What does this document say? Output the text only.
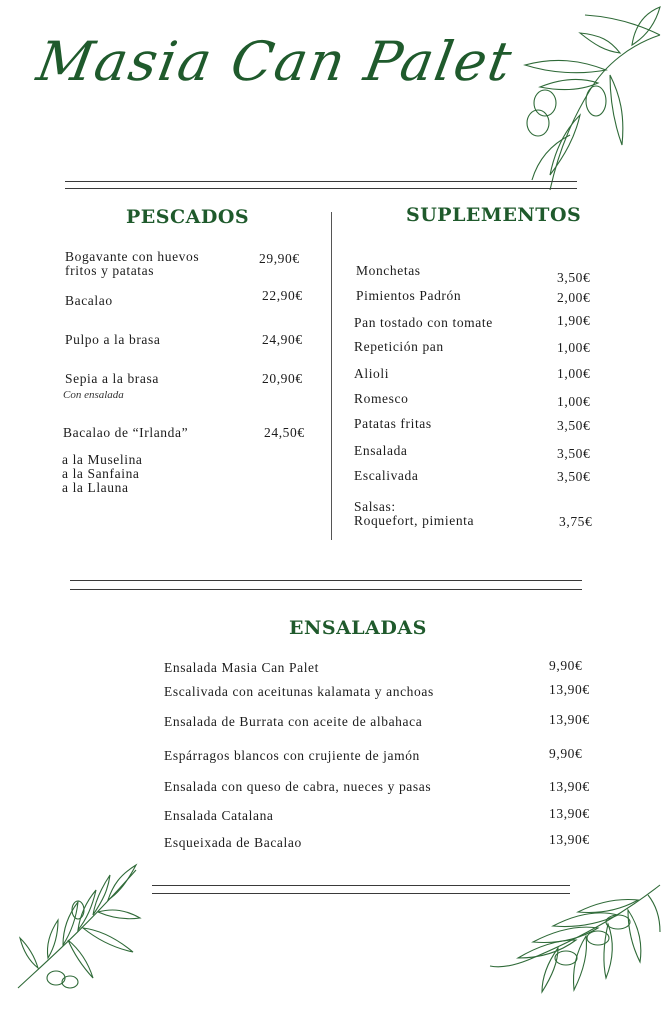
Masia Can Palet
PESCADOS
Bogavante con huevos
fritos y patatas
29,90€
Bacalao	22,90€
Pulpo a la brasa	24,90€
Sepia a la brasa
Con ensalada
20,90€
Bacalao de “Irlanda”	24,50€
a la Muselina
a la Sanfaina
a la Llauna
SUPLEMENTOS
Monchetas	3,50€
Pimientos Padrón	2,00€
Pan tostado con tomate	1,90€
Repetición pan	1,00€
Alioli	1,00€
Romesco	1,00€
Patatas fritas	3,50€
Ensalada	3,50€
Escalivada	3,50€
Salsas:
Roquefort, pimienta	3,75€
ENSALADAS
Ensalada Masia Can Palet	9,90€
Escalivada con aceitunas kalamata y anchoas	13,90€
Ensalada de Burrata con aceite de albahaca	13,90€
Espárragos blancos con crujiente de jamón	9,90€
Ensalada con queso de cabra, nueces y pasas	13,90€
Ensalada Catalana	13,90€
Esqueixada de Bacalao	13,90€
